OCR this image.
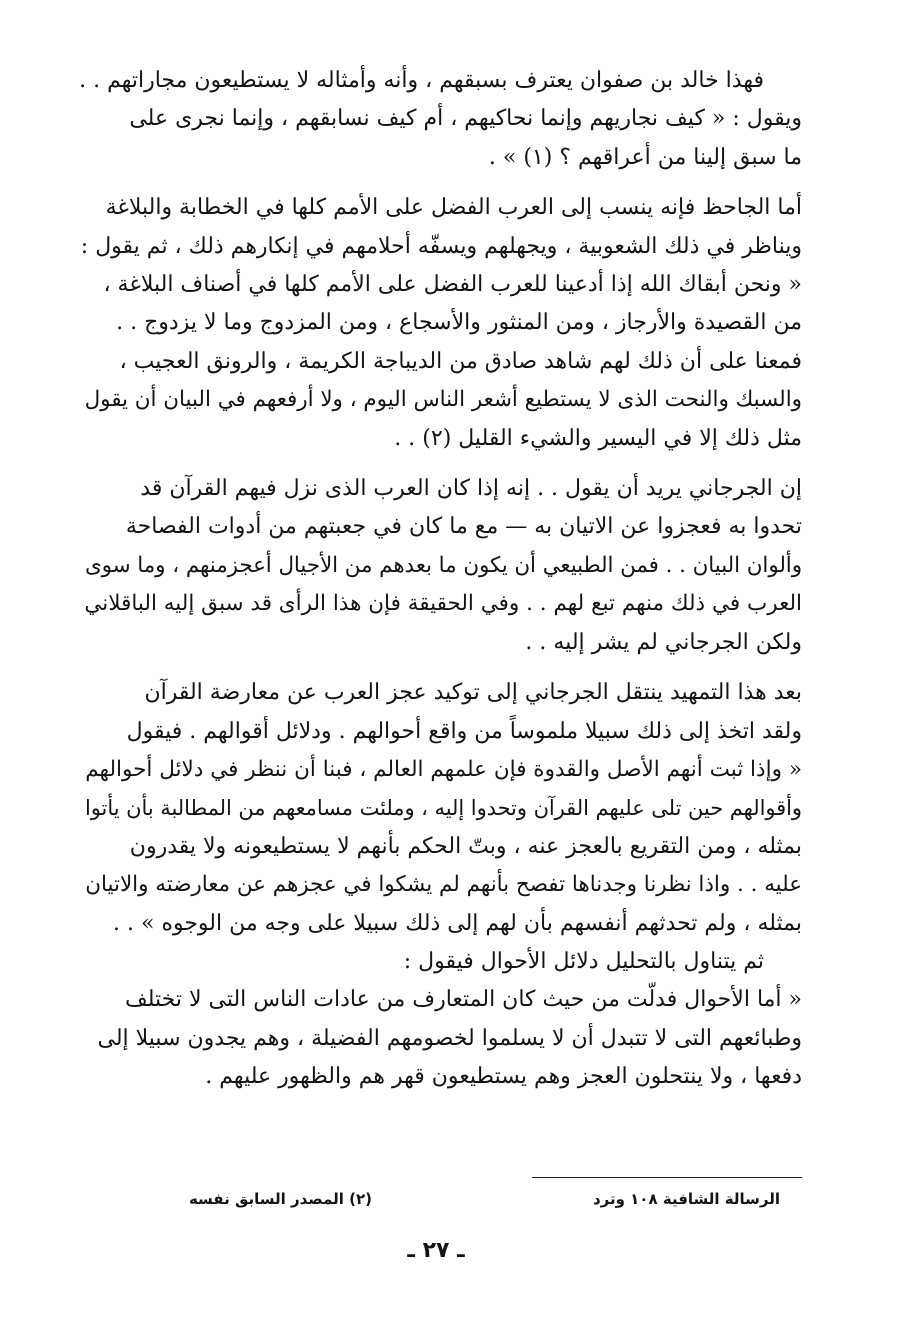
فهذا خالد بن صفوان يعترف بسبقهم ، وأنه وأمثاله لا يستطيعون مجاراتهم . .
ويقول : « كيف نجاريهم وإنما نحاكيهم ، أم كيف نسابقهم ، وإنما نجرى على
ما سبق إلينا من أعراقهم ؟ (١) » .

أما الجاحظ فإنه ينسب إلى العرب الفضل على الأمم كلها في الخطابة والبلاغة
ويناظر في ذلك الشعوبية ، ويجهلهم ويسفّه أحلامهم في إنكارهم ذلك ، ثم يقول :
« ونحن أبقاك الله إذا أدعينا للعرب الفضل على الأمم كلها في أصناف البلاغة ،
من القصيدة والأرجاز ، ومن المنثور والأسجاع ، ومن المزدوج وما لا يزدوج . .
فمعنا على أن ذلك لهم شاهد صادق من الديباجة الكريمة ، والرونق العجيب ،
والسبك والنحت الذى لا يستطيع أشعر الناس اليوم ، ولا أرفعهم في البيان أن يقول
مثل ذلك إلا في اليسير والشيء القليل (٢) . .

إن الجرجاني يريد أن يقول . . إنه إذا كان العرب الذى نزل فيهم القرآن قد
تحدوا به فعجزوا عن الاتيان به — مع ما كان في جعبتهم من أدوات الفصاحة
وألوان البيان . . فمن الطبيعي أن يكون ما بعدهم من الأجيال أعجزمنهم ، وما سوى
العرب في ذلك منهم تبع لهم . . وفي الحقيقة فإن هذا الرأى قد سبق إليه الباقلاني
ولكن الجرجاني لم يشر إليه . .

بعد هذا التمهيد ينتقل الجرجاني إلى توكيد عجز العرب عن معارضة القرآن
ولقد اتخذ إلى ذلك سبيلا ملموساً من واقع أحوالهم . ودلائل أقوالهم . فيقول
« وإذا ثبت أنهم الأصل والقدوة فإن علمهم العالم ، فبنا أن ننظر في دلائل أحوالهم
وأقوالهم حين تلى عليهم القرآن وتحدوا إليه ، وملئت مسامعهم من المطالبة بأن يأتوا
بمثله ، ومن التقريع بالعجز عنه ، وبتّ الحكم بأنهم لا يستطيعونه ولا يقدرون
عليه . . واذا نظرنا وجدناها تفصح بأنهم لم يشكوا في عجزهم عن معارضته والاتيان
بمثله ، ولم تحدثهم أنفسهم بأن لهم إلى ذلك سبيلا على وجه من الوجوه » . .
ثم يتناول بالتحليل دلائل الأحوال فيقول :
« أما الأحوال فدلّت من حيث كان المتعارف من عادات الناس التى لا تختلف
وطبائعهم التى لا تتبدل أن لا يسلموا لخصومهم الفضيلة ، وهم يجدون سبيلا إلى
دفعها ، ولا ينتحلون العجز وهم يستطيعون قهر هم والظهور عليهم .

الرسالة الشافية ١٠٨ وترد
(٢) المصدر السابق نفسه
ـ ٢٧ ـ
